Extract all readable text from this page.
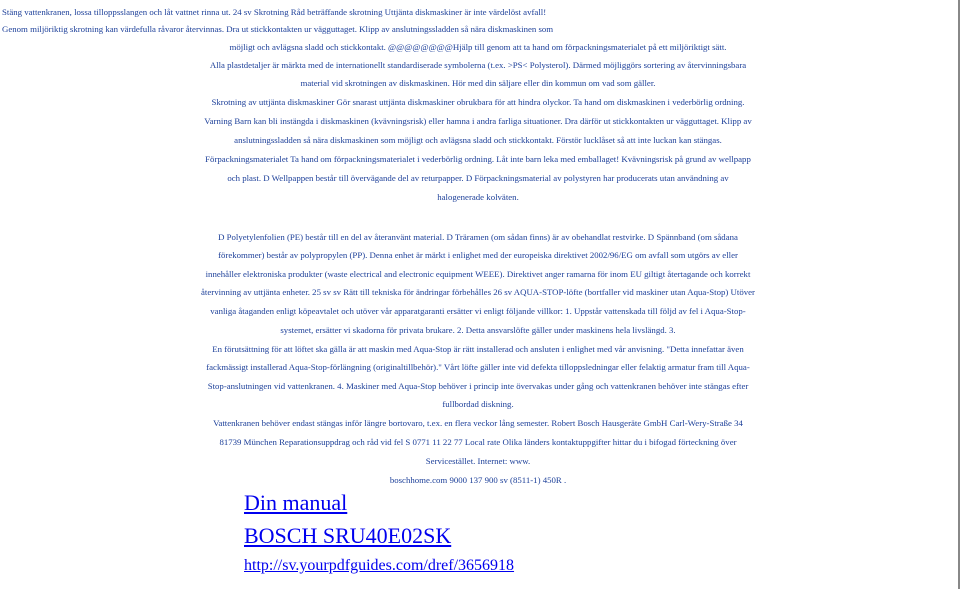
Stäng vattenkranen, lossa tilloppsslangen och låt vattnet rinna ut. 24 sv Skrotning Råd beträffande skrotning Uttjänta diskmaskiner är inte värdelöst avfall!
Genom miljöriktig skrotning kan värdefulla råvaror återvinnas. Dra ut stickkontakten ur vägguttaget. Klipp av anslutningssladden så nära diskmaskinen som
möjligt och avlägsna sladd och stickkontakt. @@@@@@@@Hjälp till genom att ta hand om förpackningsmaterialet på ett miljöriktigt sätt.
Alla plastdetaljer är märkta med de internationellt standardiserade symbolerna (t.ex. >PS< Polysterol). Därmed möjliggörs sortering av återvinningsbara
material vid skrotningen av diskmaskinen. Hör med din säljare eller din kommun om vad som gäller.
Skrotning av uttjänta diskmaskiner Gör snarast uttjänta diskmaskiner obrukbara för att hindra olyckor. Ta hand om diskmaskinen i vederbörlig ordning.
Varning Barn kan bli instängda i diskmaskinen (kvävningsrisk) eller hamna i andra farliga situationer. Dra därför ut stickkontakten ur vägguttaget. Klipp av
anslutningssladden så nära diskmaskinen som möjligt och avlägsna sladd och stickkontakt. Förstör lucklåset så att inte luckan kan stängas.
Förpackningsmaterialet Ta hand om förpackningsmaterialet i vederbörlig ordning. Låt inte barn leka med emballaget! Kvävningsrisk på grund av wellpapp
och plast. D Wellpappen består till övervägande del av returpapper. D Förpackningsmaterial av polystyren har producerats utan användning av
halogenerade kolväten.
D Polyetylenfolien (PE) består till en del av återanvänt material. D Träramen (om sådan finns) är av obehandlat restvirke. D Spännband (om sådana
förekommer) består av polypropylen (PP). Denna enhet är märkt i enlighet med der europeiska direktivet 2002/96/EG om avfall som utgörs av eller
innehåller elektroniska produkter (waste electrical and electronic equipment WEEE). Direktivet anger ramarna för inom EU giltigt återtagande och korrekt
återvinning av uttjänta enheter. 25 sv sv Rätt till tekniska för ändringar förbehålles 26 sv AQUA-STOP-löfte (bortfaller vid maskiner utan Aqua-Stop) Utöver
vanliga åtaganden enligt köpeavtalet och utöver vår apparatgaranti ersätter vi enligt följande villkor: 1. Uppstår vattenskada till följd av fel i Aqua-Stop-
systemet, ersätter vi skadorna för privata brukare. 2. Detta ansvarslöfte gäller under maskinens hela livslängd. 3.
En förutsättning för att löftet ska gälla är att maskin med Aqua-Stop är rätt installerad och ansluten i enlighet med vår anvisning. "Detta innefattar även
fackmässigt installerad Aqua-Stop-förlängning (originaltillbehör)." Vårt löfte gäller inte vid defekta tilloppsledningar eller felaktig armatur fram till Aqua-
Stop-anslutningen vid vattenkranen. 4. Maskiner med Aqua-Stop behöver i princip inte övervakas under gång och vattenkranen behöver inte stängas efter
fullbordad diskning.
Vattenkranen behöver endast stängas inför längre bortovaro, t.ex. en flera veckor lång semester. Robert Bosch Hausgeräte GmbH Carl-Wery-Straße 34
81739 München Reparationsuppdrag och råd vid fel S 0771 11 22 77 Local rate Olika länders kontaktuppgifter hittar du i bifogad förteckning över
Servicestället. Internet: www.
boschhome.com 9000 137 900 sv (8511-1) 450R .
Din manual
BOSCH SRU40E02SK
http://sv.yourpdfguides.com/dref/3656918
